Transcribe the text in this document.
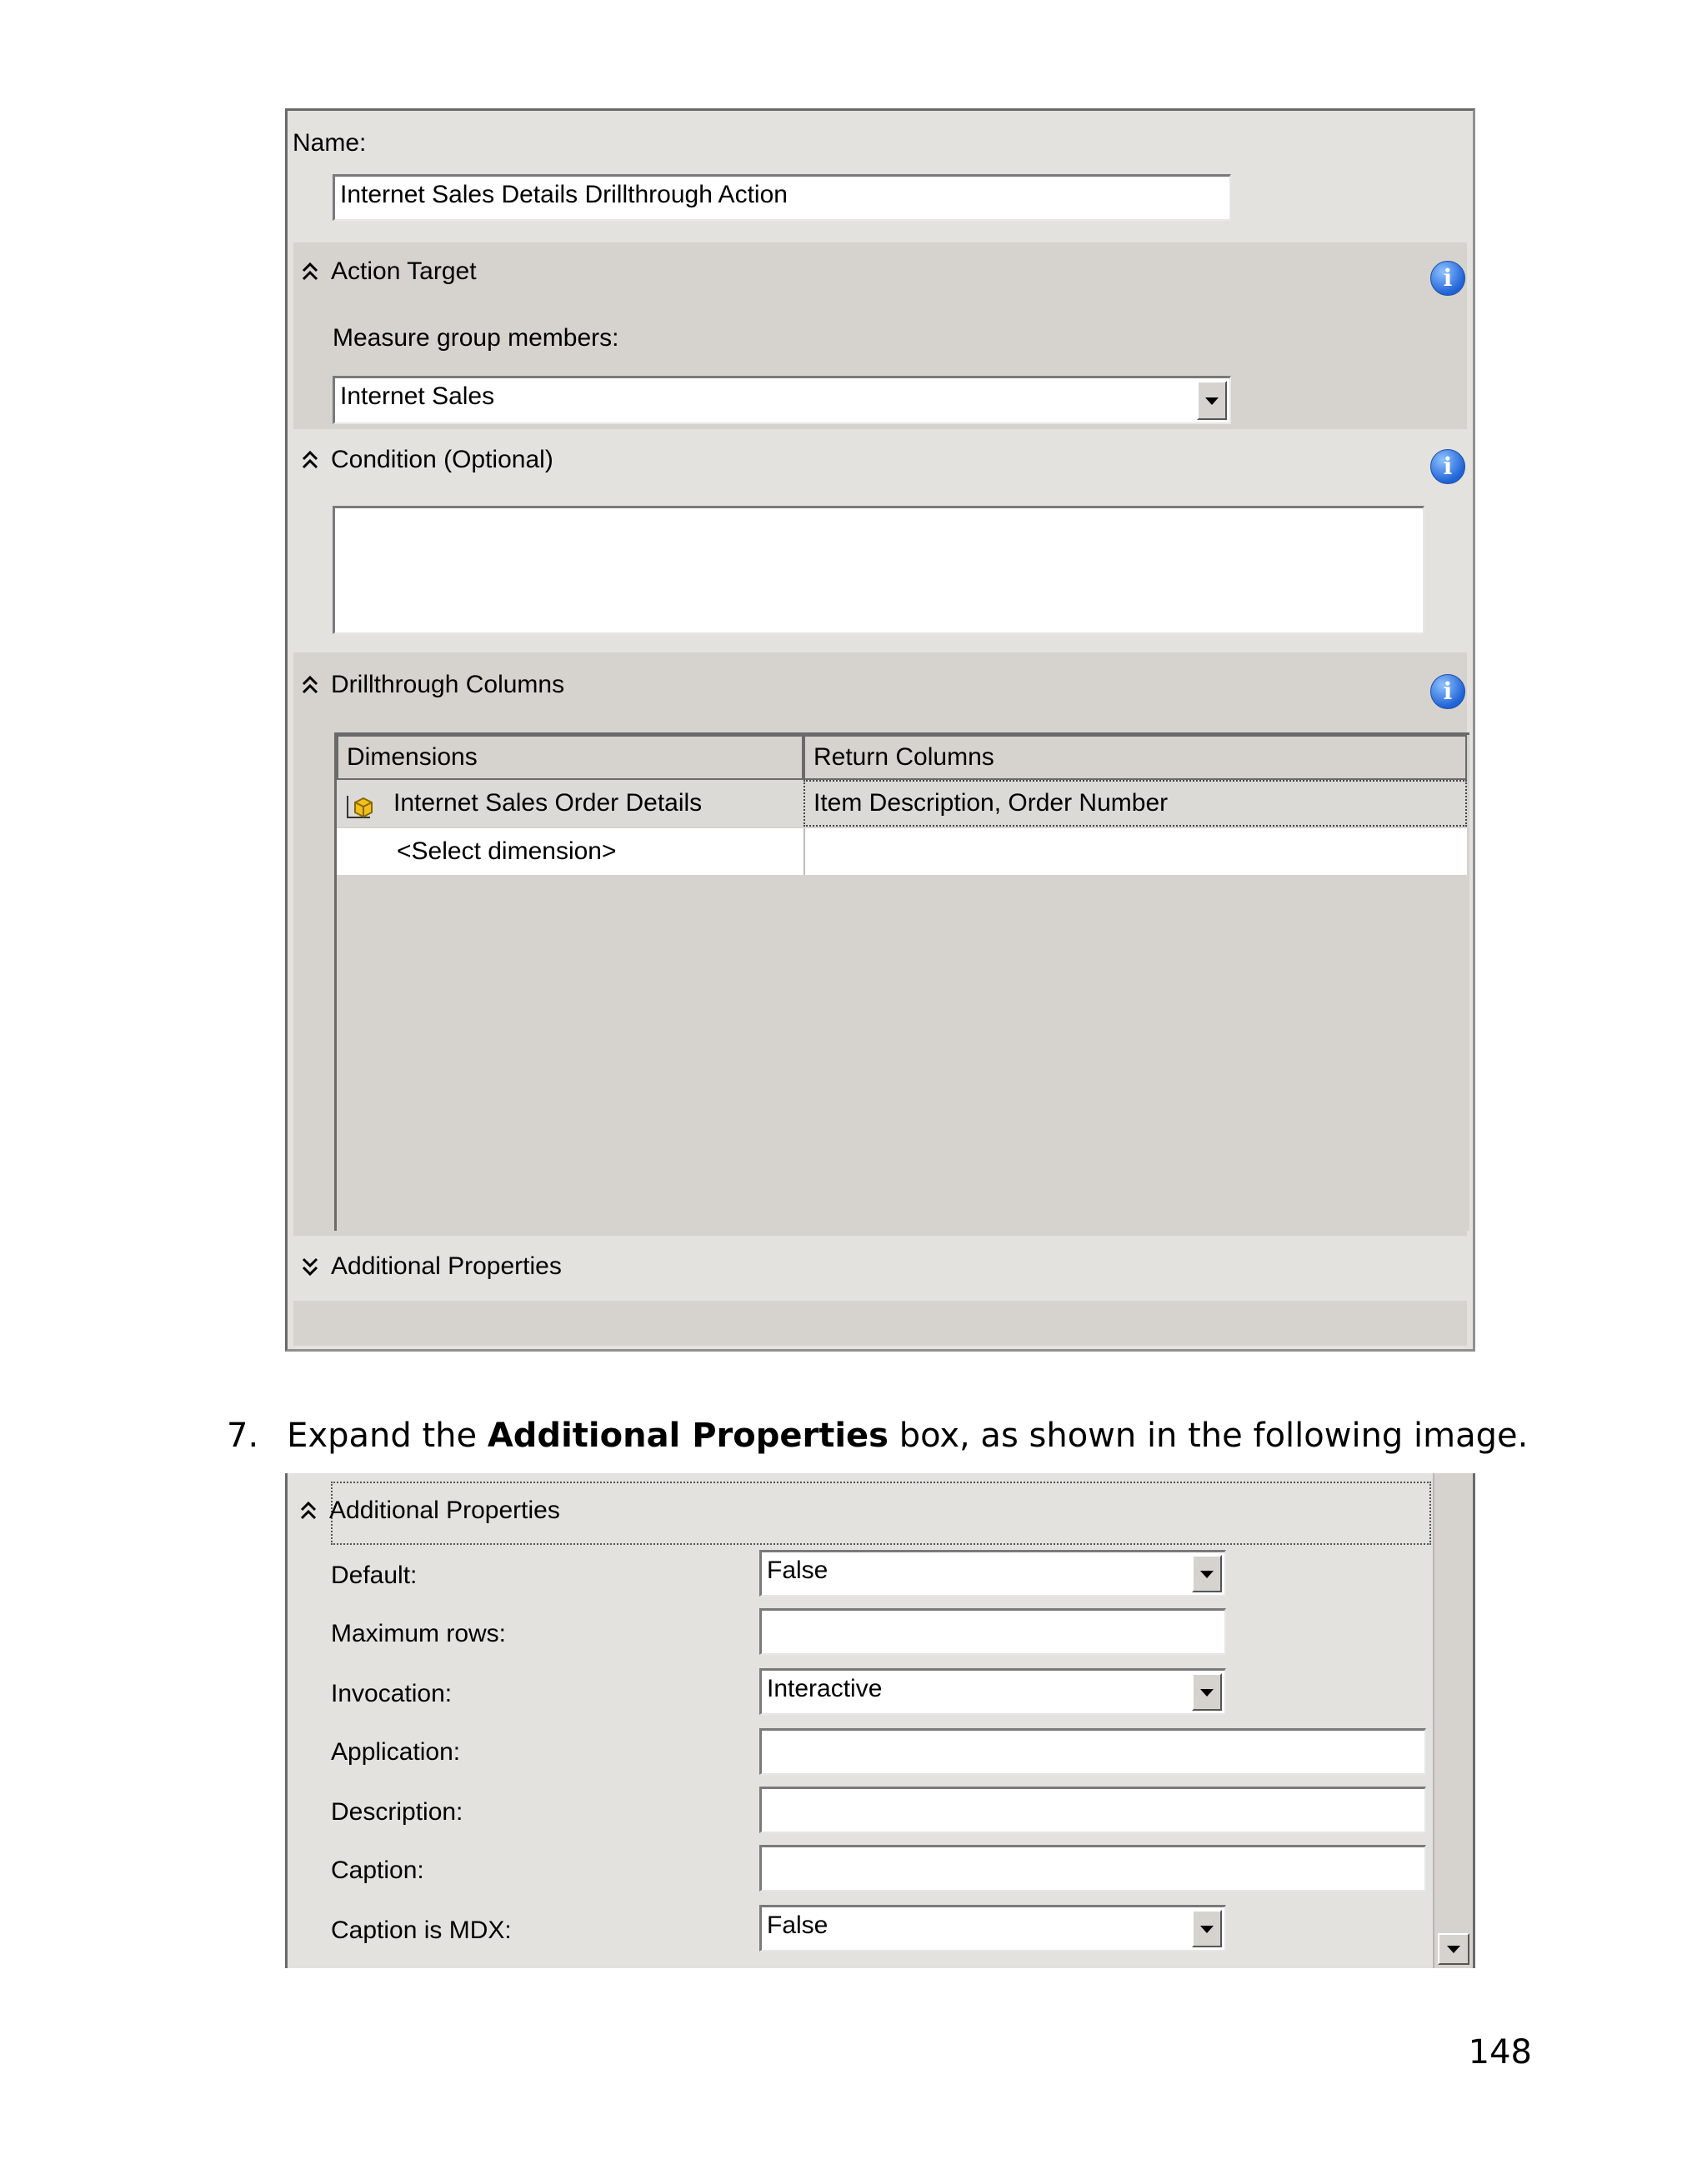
Name:
Internet Sales Details Drillthrough Action
Action Target	i
Measure group members:
Internet Sales
Condition (Optional)	i
Drillthrough Columns	i
Dimensions	Return Columns
Internet Sales Order Details	Item Description, Order Number
<Select dimension>
Additional Properties
7. Expand the Additional Properties box, as shown in the following image.
Additional Properties
Default:	False
Maximum rows:
Invocation:	Interactive
Application:
Description:
Caption:
Caption is MDX:	False
148
